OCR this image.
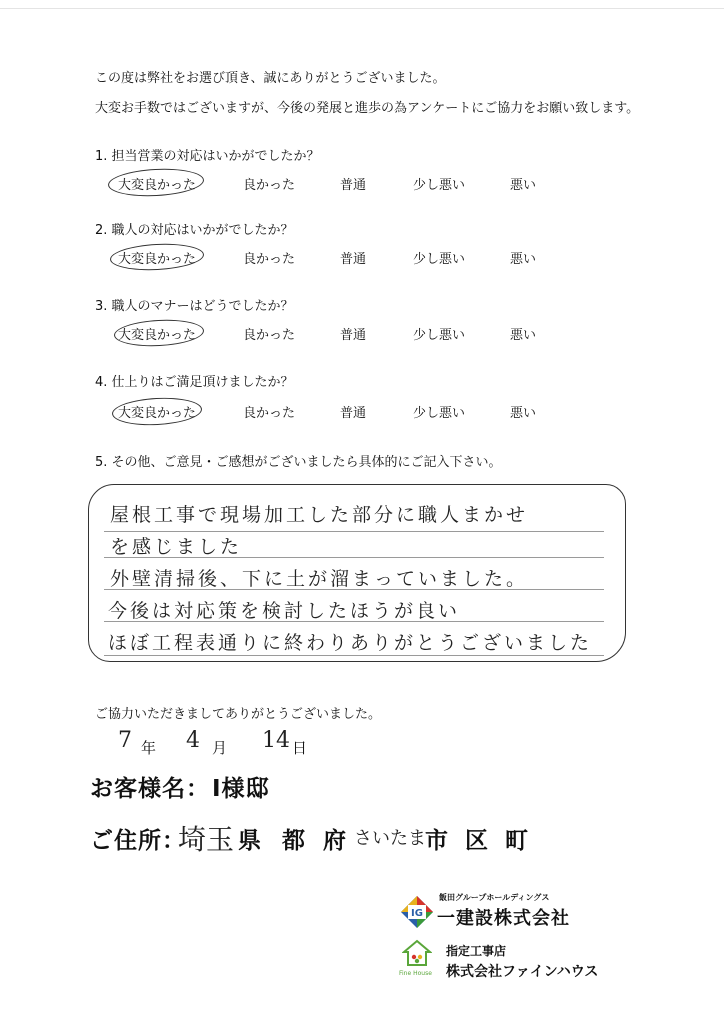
この度は弊社をお選び頂き、誠にありがとうございました。
大変お手数ではございますが、今後の発展と進歩の為アンケートにご協力をお願い致します。
1. 担当営業の対応はいかがでしたか？
大変良かった	良かった	普通	少し悪い	悪い
2. 職人の対応はいかがでしたか？
大変良かった	良かった	普通	少し悪い	悪い
3. 職人のマナーはどうでしたか？
大変良かった	良かった	普通	少し悪い	悪い
4. 仕上りはご満足頂けましたか？
大変良かった	良かった	普通	少し悪い	悪い
5. その他、ご意見・ご感想がございましたら具体的にご記入下さい。
屋根工事で現場加工した部分に職人まかせ
を感じました
外壁清掃後、下に土が溜まっていました。
今後は対応策を検討したほうが良い
ほぼ工程表通りに終わりありがとうございました
ご協力いただきましてありがとうございました。
7 年 4 月 14 日
お客様名： I様邸
ご住所：
埼玉 県 都 府 さいたま 市 区 町
IG
飯田グループホールディングス
一建設株式会社
Fine House
指定工事店
株式会社ファインハウス
